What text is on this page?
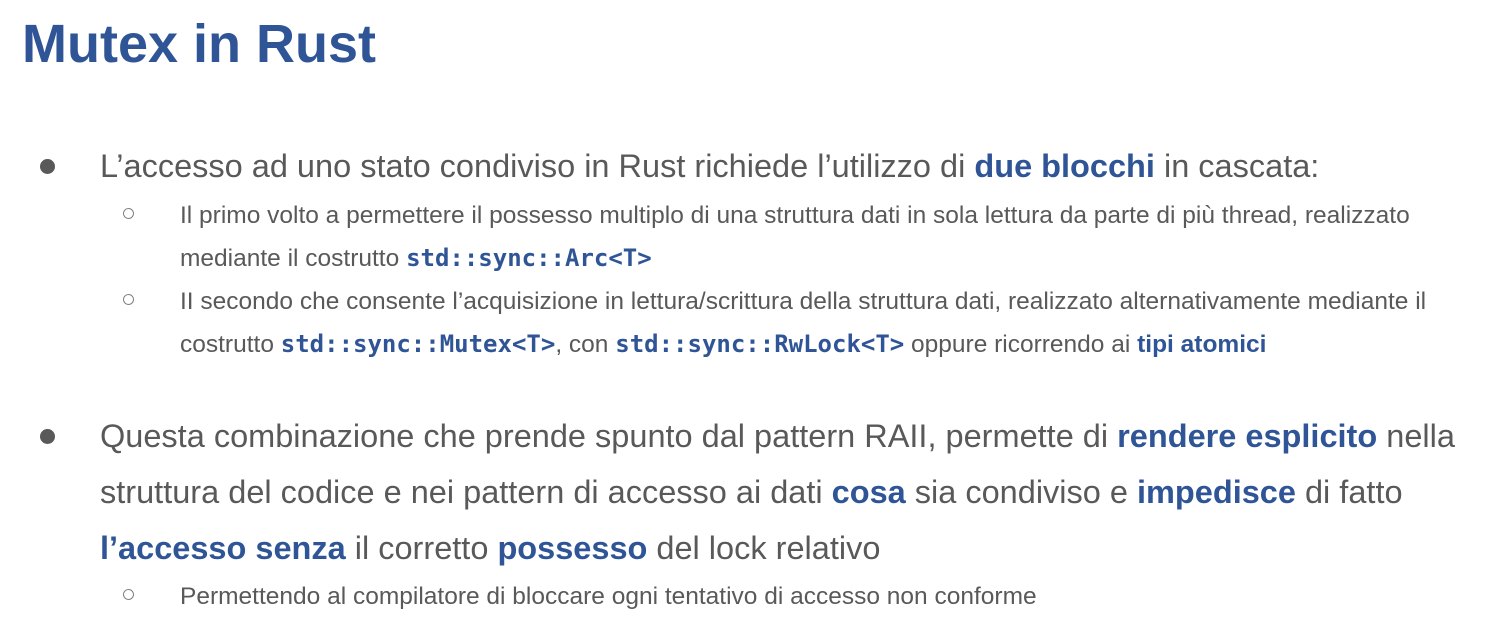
Mutex in Rust
L’accesso ad uno stato condiviso in Rust richiede l’utilizzo di due blocchi in cascata:
Il primo volto a permettere il possesso multiplo di una struttura dati in sola lettura da parte di più thread, realizzato mediante il costrutto std::sync::Arc<T>
II secondo che consente l’acquisizione in lettura/scrittura della struttura dati, realizzato alternativamente mediante il costrutto std::sync::Mutex<T>, con std::sync::RwLock<T> oppure ricorrendo ai tipi atomici
Questa combinazione che prende spunto dal pattern RAII, permette di rendere esplicito nella struttura del codice e nei pattern di accesso ai dati cosa sia condiviso e impedisce di fatto l’accesso senza il corretto possesso del lock relativo
Permettendo al compilatore di bloccare ogni tentativo di accesso non conforme
